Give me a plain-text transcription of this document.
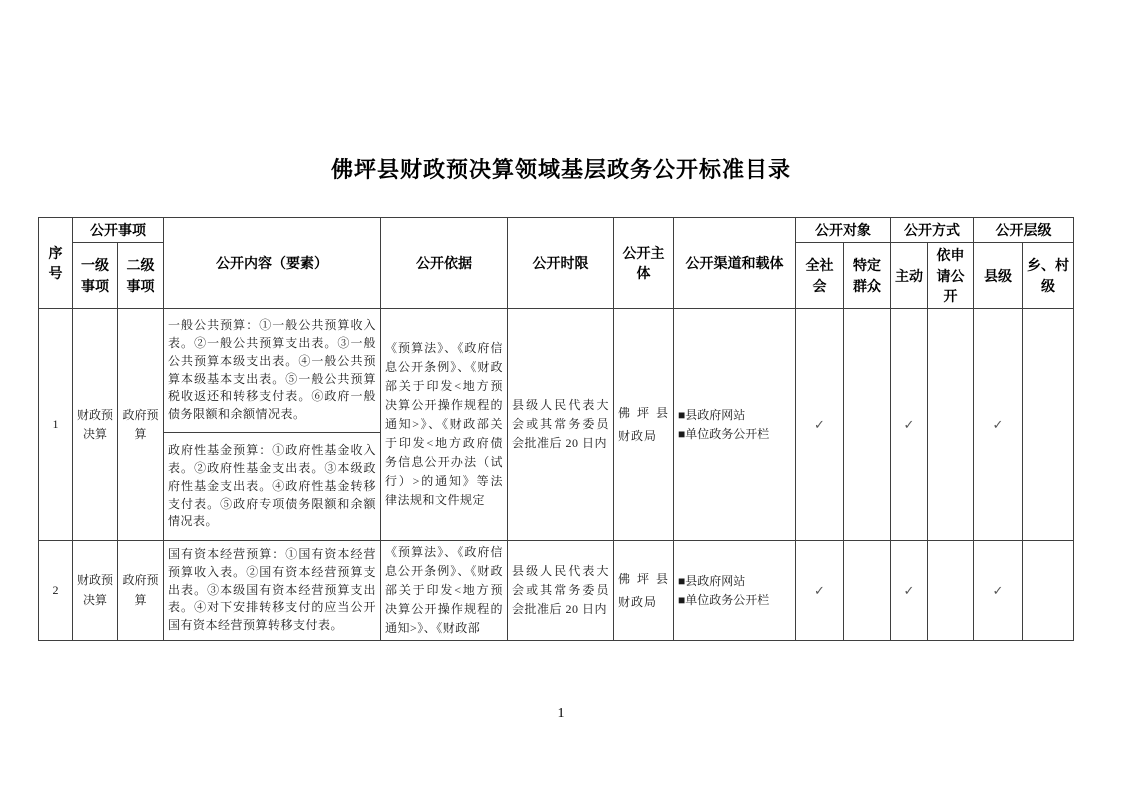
佛坪县财政预决算领域基层政务公开标准目录
序号	公开事项		公开内容（要素）	公开依据	公开时限	公开主体	公开渠道和载体	公开对象		公开方式		公开层级	
	一级事项	二级事项						全社会	特定群众	主动	依申请公开	县级	乡、村级
1	财政预决算	政府预算	一般公共预算：①一般公共预算收入表。②一般公共预算支出表。③一般公共预算本级支出表。④一般公共预算本级基本支出表。⑤一般公共预算税收返还和转移支付表。⑥政府一般债务限额和余额情况表。	《预算法》、《政府信息公开条例》、《财政部关于印发<地方预决算公开操作规程的通知>》、《财政部关于印发<地方政府债务信息公开办法（试行）>的通知》等法律法规和文件规定	县级人民代表大会或其常务委员会批准后 20 日内	佛坪县财政局	■县政府网站
■单位政务公开栏	✓		✓		✓	
			政府性基金预算：①政府性基金收入表。②政府性基金支出表。③本级政府性基金支出表。④政府性基金转移支付表。⑤政府专项债务限额和余额情况表。										
2	财政预决算	政府预算	国有资本经营预算：①国有资本经营预算收入表。②国有资本经营预算支出表。③本级国有资本经营预算支出表。④对下安排转移支付的应当公开国有资本经营预算转移支付表。	《预算法》、《政府信息公开条例》、《财政部关于印发<地方预决算公开操作规程的通知>》、《财政部	县级人民代表大会或其常务委员会批准后 20 日内	佛坪县财政局	■县政府网站
■单位政务公开栏	✓		✓		✓	
1
